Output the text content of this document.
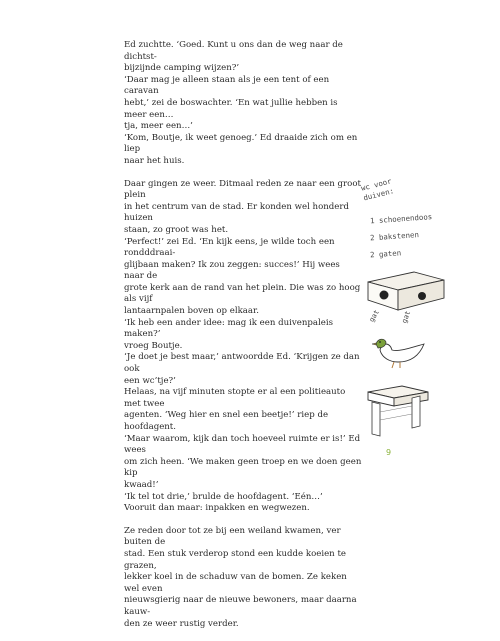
Ed zuchtte. ‘Goed. Kunt u ons dan de weg naar de dichtst-

bijzijnde camping wijzen?’

‘Daar mag je alleen staan als je een tent of een caravan

hebt,’ zei de boswachter. ‘En wat jullie hebben is meer een…

tja, meer een…’

‘Kom, Boutje, ik weet genoeg.’ Ed draaide zich om en liep

naar het huis.

Daar gingen ze weer. Ditmaal reden ze naar een groot plein

in het centrum van de stad. Er konden wel honderd huizen

staan, zo groot was het.

‘Perfect!’ zei Ed. ‘En kijk eens, je wilde toch een rondddraai-

glijbaan maken? Ik zou zeggen: succes!’ Hij wees naar de

grote kerk aan de rand van het plein. Die was zo hoog als vijf

lantaarnpalen boven op elkaar.

‘Ik heb een ander idee: mag ik een duivenpaleis maken?’

vroeg Boutje.

‘Je doet je best maar,’ antwoordde Ed. ‘Krijgen ze dan ook

een wc’tje?’

Helaas, na vijf minuten stopte er al een politieauto met twee

agenten. ‘Weg hier en snel een beetje!’ riep de hoofdagent.

‘Maar waarom, kijk dan toch hoeveel ruimte er is!’ Ed wees

om zich heen. ‘We maken geen troep en we doen geen kip

kwaad!’

‘Ik tel tot drie,’ brulde de hoofdagent. ‘Eén…’

Vooruit dan maar: inpakken en wegwezen.

Ze reden door tot ze bij een weiland kwamen, ver buiten de

stad. Een stuk verderop stond een kudde koeien te grazen,

lekker koel in de schaduw van de bomen. Ze keken wel even

nieuwsgierig naar de nieuwe bewoners, maar daarna kauw-

den ze weer rustig verder.

wc voor duiven:
1 schoenendoos
2 bakstenen
2 gaten
gat	gat
9
